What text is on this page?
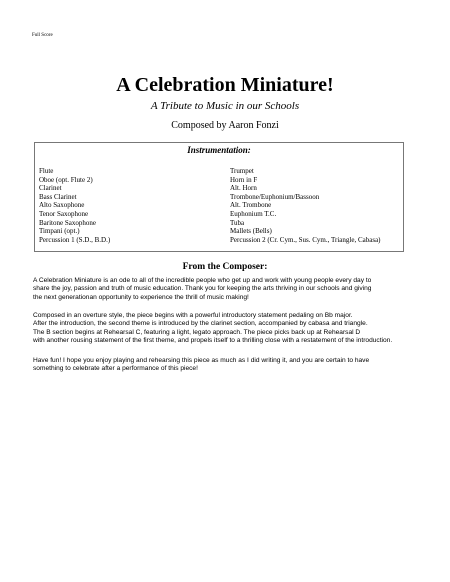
Full Score
A Celebration Miniature!
A Tribute to Music in our Schools
Composed by Aaron Fonzi
Instrumentation:
Flute
Oboe (opt. Flute 2)
Clarinet
Bass Clarinet
Alto Saxophone
Tenor Saxophone
Baritone Saxophone
Timpani (opt.)
Percussion 1 (S.D., B.D.)
Trumpet
Horn in F
Alt. Horn
Trombone/Euphonium/Bassoon
Alt. Trombone
Euphonium T.C.
Tuba
Mallets (Bells)
Percussion 2 (Cr. Cym., Sus. Cym., Triangle, Cabasa)
From the Composer:
A Celebration Miniature is an ode to all of the incredible people who get up and work with young people every day to
share the joy, passion and truth of music education. Thank you for keeping the arts thriving in our schools and giving
the next generationan opportunity to experience the thrill of music making!
Composed in an overture style, the piece begins with a powerful introductory statement pedaling on Bb major.
After the introduction, the second theme is introduced by the clarinet section, accompanied by cabasa and triangle.
The B section begins at Rehearsal C, featuring a light, legato approach. The piece picks back up at Rehearsal D
with another rousing statement of the first theme, and propels itself to a thrilling close with a restatement of the introduction.
Have fun! I hope you enjoy playing and rehearsing this piece as much as I did writing it, and you are certain to have
something to celebrate after a performance of this piece!
